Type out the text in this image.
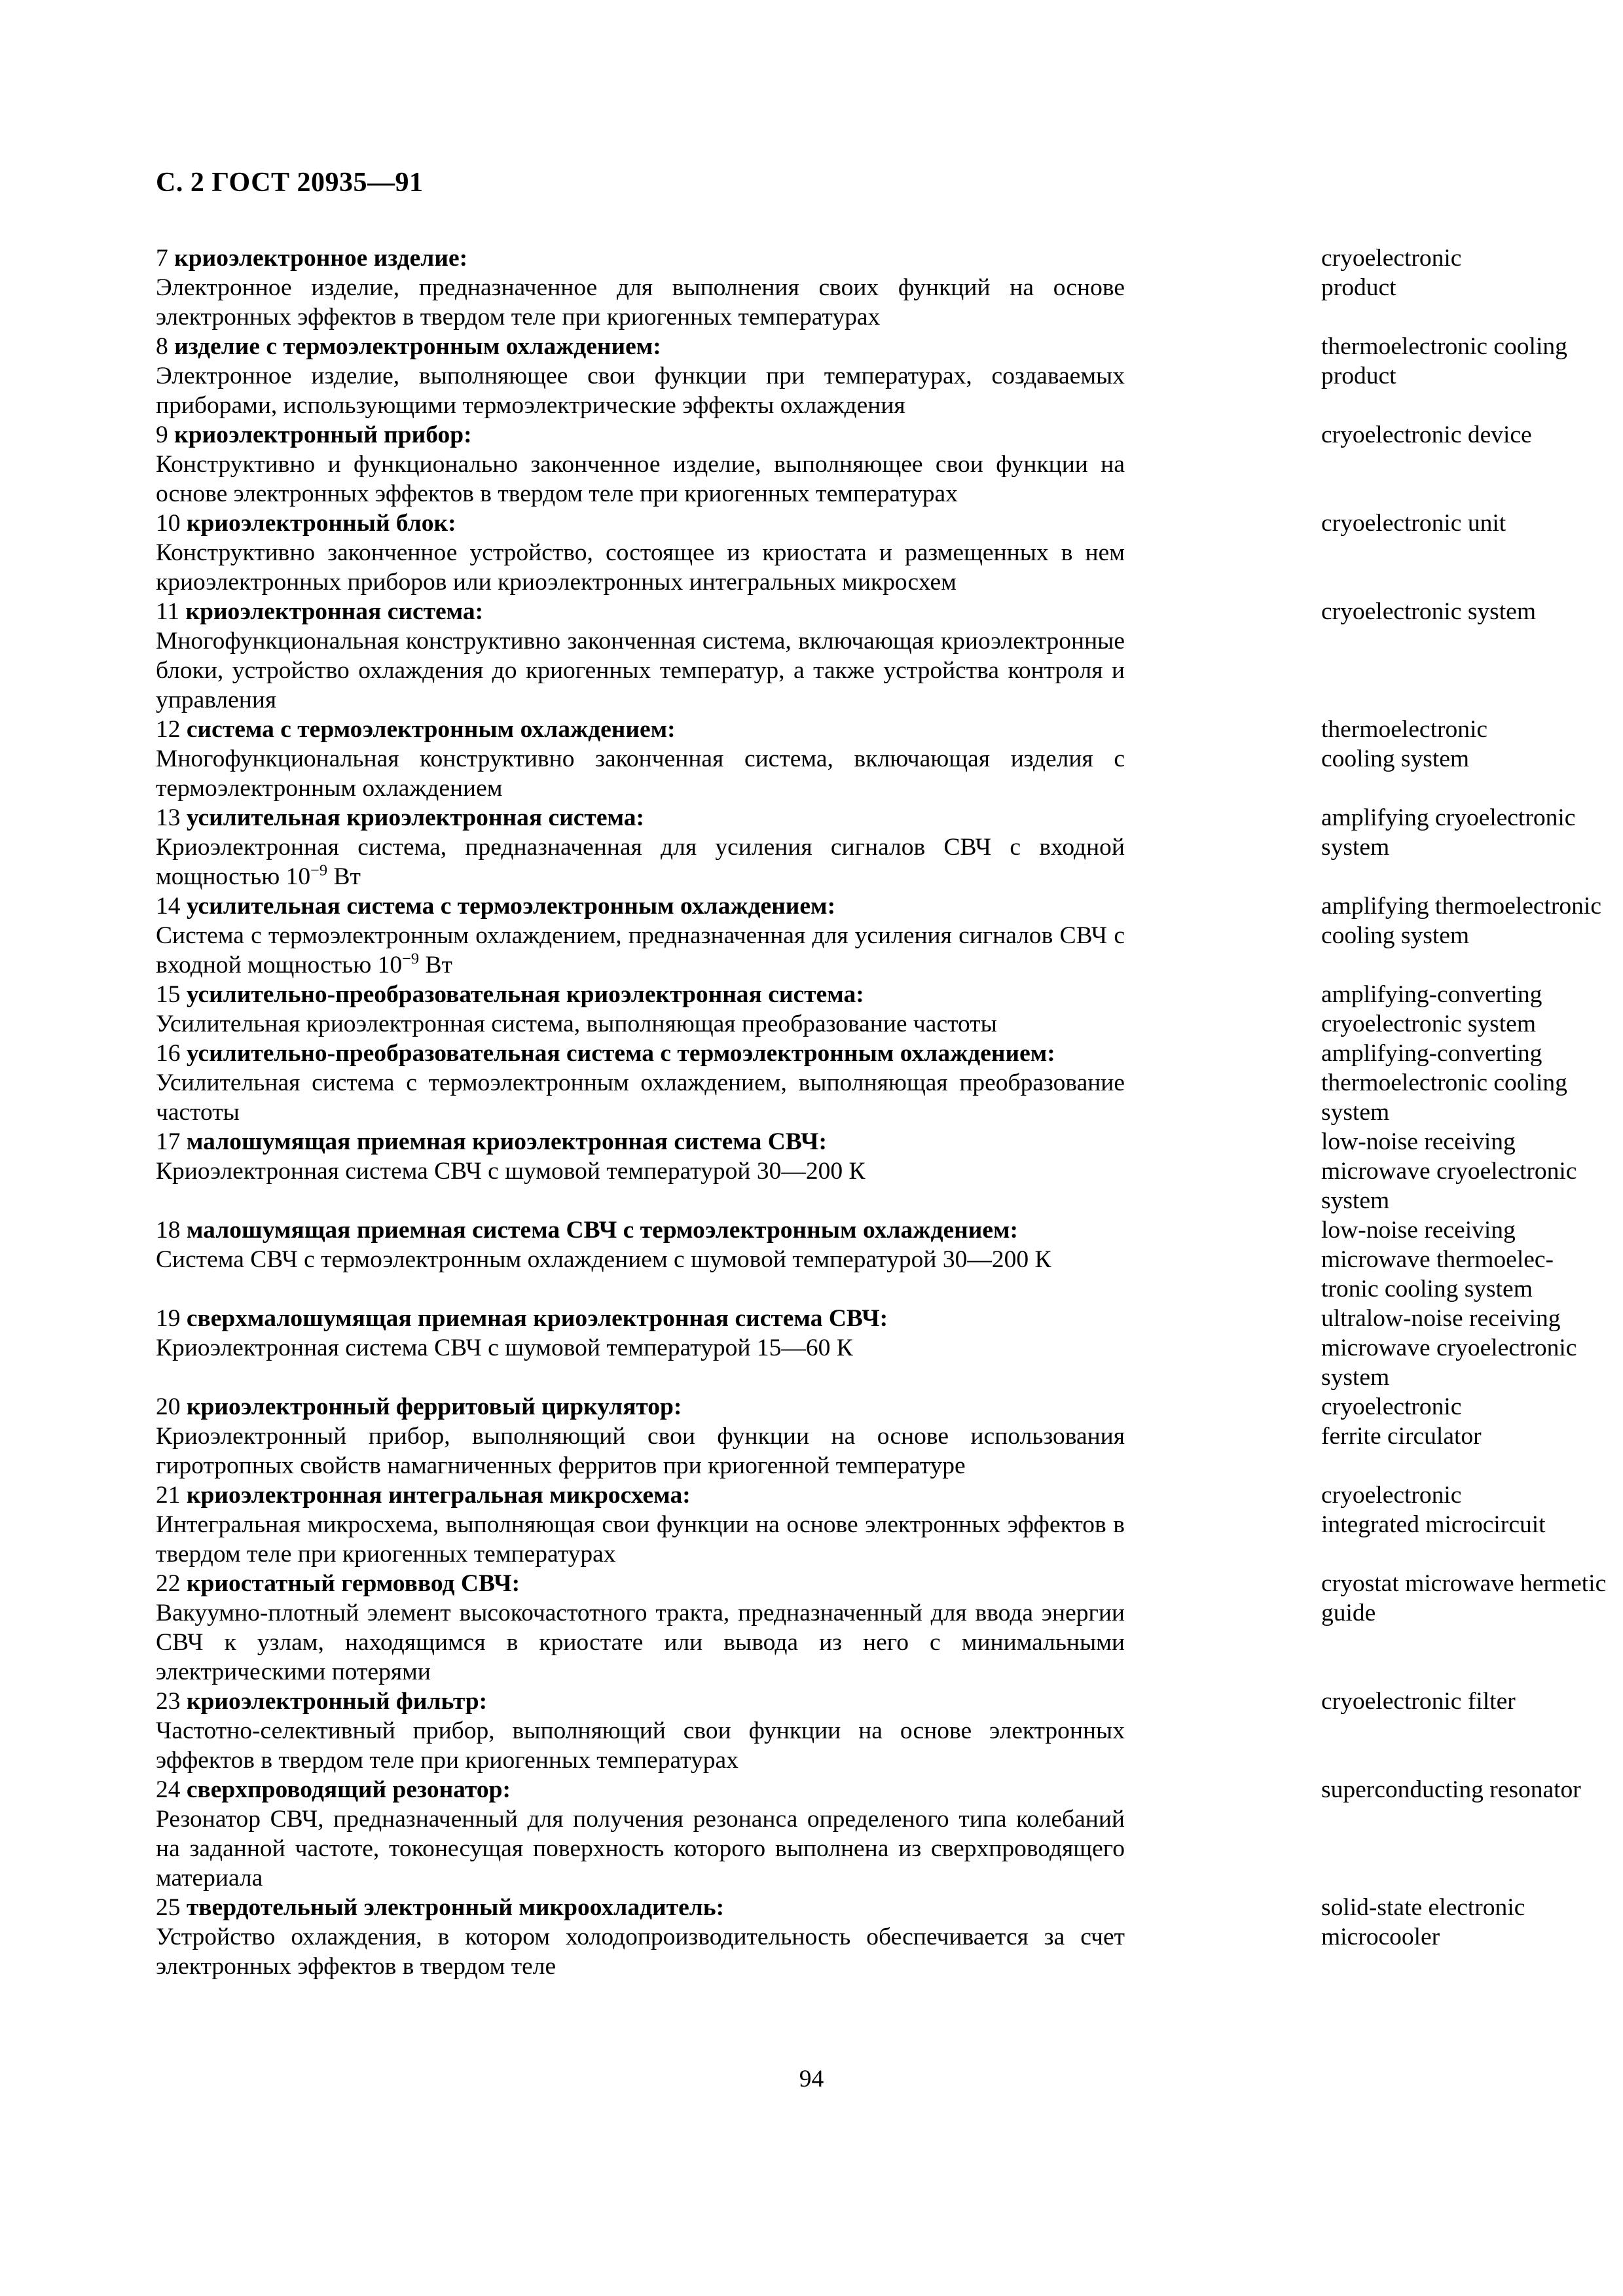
С. 2 ГОСТ 20935—91
7 криоэлектронное изделие:
Электронное изделие, предназначенное для выполнения своих функций на основе электронных эффектов в твердом теле при криогенных температурах
cryoelectronic
product
8 изделие с термоэлектронным охлаждением:
Электронное изделие, выполняющее свои функции при температурах, создаваемых приборами, использующими термоэлектрические эффекты охлаждения
thermoelectronic cooling
product
9 криоэлектронный прибор:
Конструктивно и функционально законченное изделие, выполняющее свои функции на основе электронных эффектов в твердом теле при криогенных температурах
cryoelectronic device
10 криоэлектронный блок:
Конструктивно законченное устройство, состоящее из криостата и размещенных в нем криоэлектронных приборов или криоэлектронных интегральных микросхем
cryoelectronic unit
11 криоэлектронная система:
Многофункциональная конструктивно законченная система, включающая криоэлектронные блоки, устройство охлаждения до криогенных температур, а также устройства контроля и управления
cryoelectronic system
12 система с термоэлектронным охлаждением:
Многофункциональная конструктивно законченная система, включающая изделия с термоэлектронным охлаждением
thermoelectronic
cooling system
13 усилительная криоэлектронная система:
Криоэлектронная система, предназначенная для усиления сигналов СВЧ с входной мощностью $10^{-9}$ Вт
amplifying cryoelectronic
system
14 усилительная система с термоэлектронным охлаждением:
Система с термоэлектронным охлаждением, предназначенная для усиления сигналов СВЧ с входной мощностью $10^{-9}$ Вт
amplifying thermoelectronic
cooling system
15 усилительно-преобразовательная криоэлектронная система:
Усилительная криоэлектронная система, выполняющая преобразование частоты
amplifying-converting
cryoelectronic system
16 усилительно-преобразовательная система с термоэлектронным охлаждением:
Усилительная система с термоэлектронным охлаждением, выполняющая преобразование частоты
amplifying-converting
thermoelectronic cooling
system
17 малошумящая приемная криоэлектронная система СВЧ:
Криоэлектронная система СВЧ с шумовой температурой 30—200 К
low-noise receiving
microwave cryoelectronic
system
18 малошумящая приемная система СВЧ с термоэлектронным охлаждением:
Система СВЧ с термоэлектронным охлаждением с шумовой температурой 30—200 К
low-noise receiving
microwave thermoelec-
tronic cooling system
19 сверхмалошумящая приемная криоэлектронная система СВЧ:
Криоэлектронная система СВЧ с шумовой температурой 15—60 К
ultralow-noise receiving
microwave cryoelectronic
system
20 криоэлектронный ферритовый циркулятор:
Криоэлектронный прибор, выполняющий свои функции на основе использования гиротропных свойств намагниченных ферритов при криогенной температуре
cryoelectronic
ferrite circulator
21 криоэлектронная интегральная микросхема:
Интегральная микросхема, выполняющая свои функции на основе электронных эффектов в твердом теле при криогенных температурах
cryoelectronic
integrated microcircuit
22 криостатный гермоввод СВЧ:
Вакуумно-плотный элемент высокочастотного тракта, предназначенный для ввода энергии СВЧ к узлам, находящимся в криостате или вывода из него с минимальными электрическими потерями
cryostat microwave hermetic
guide
23 криоэлектронный фильтр:
Частотно-селективный прибор, выполняющий свои функции на основе электронных эффектов в твердом теле при криогенных температурах
cryoelectronic filter
24 сверхпроводящий резонатор:
Резонатор СВЧ, предназначенный для получения резонанса определеного типа колебаний на заданной частоте, токонесущая поверхность которого выполнена из сверхпроводящего материала
superconducting resonator
25 твердотельный электронный микроохладитель:
Устройство охлаждения, в котором холодопроизводительность обеспечивается за счет электронных эффектов в твердом теле
solid-state electronic
microcooler
94
